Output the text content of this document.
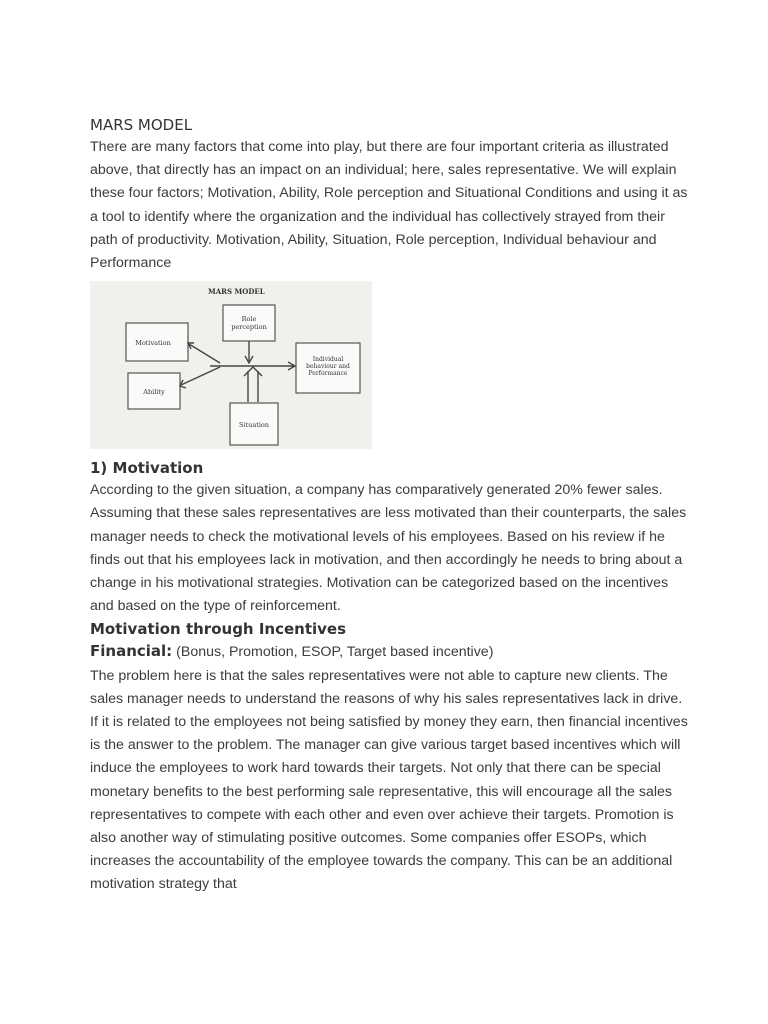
MARS MODEL

There are many factors that come into play, but there are four important criteria as illustrated above, that directly has an impact on an individual; here, sales representative. We will explain these four factors; Motivation, Ability, Role perception and Situational Conditions and using it as a tool to identify where the organization and the individual has collectively strayed from their path of productivity. Motivation, Ability, Situation, Role perception, Individual behaviour and Performance

MARS MODEL
Role perception
Motivation
Ability
Situation
Individual behaviour and Performance

1) Motivation

According to the given situation, a company has comparatively generated 20% fewer sales. Assuming that these sales representatives are less motivated than their counterparts, the sales manager needs to check the motivational levels of his employees. Based on his review if he finds out that his employees lack in motivation, and then accordingly he needs to bring about a change in his motivational strategies. Motivation can be categorized based on the incentives and based on the type of reinforcement.

Motivation through Incentives

Financial: (Bonus, Promotion, ESOP, Target based incentive)

The problem here is that the sales representatives were not able to capture new clients. The sales manager needs to understand the reasons of why his sales representatives lack in drive. If it is related to the employees not being satisfied by money they earn, then financial incentives is the answer to the problem. The manager can give various target based incentives which will induce the employees to work hard towards their targets. Not only that there can be special monetary benefits to the best performing sale representative, this will encourage all the sales representatives to compete with each other and even over achieve their targets. Promotion is also another way of stimulating positive outcomes. Some companies offer ESOPs, which increases the accountability of the employee towards the company. This can be an additional motivation strategy that
